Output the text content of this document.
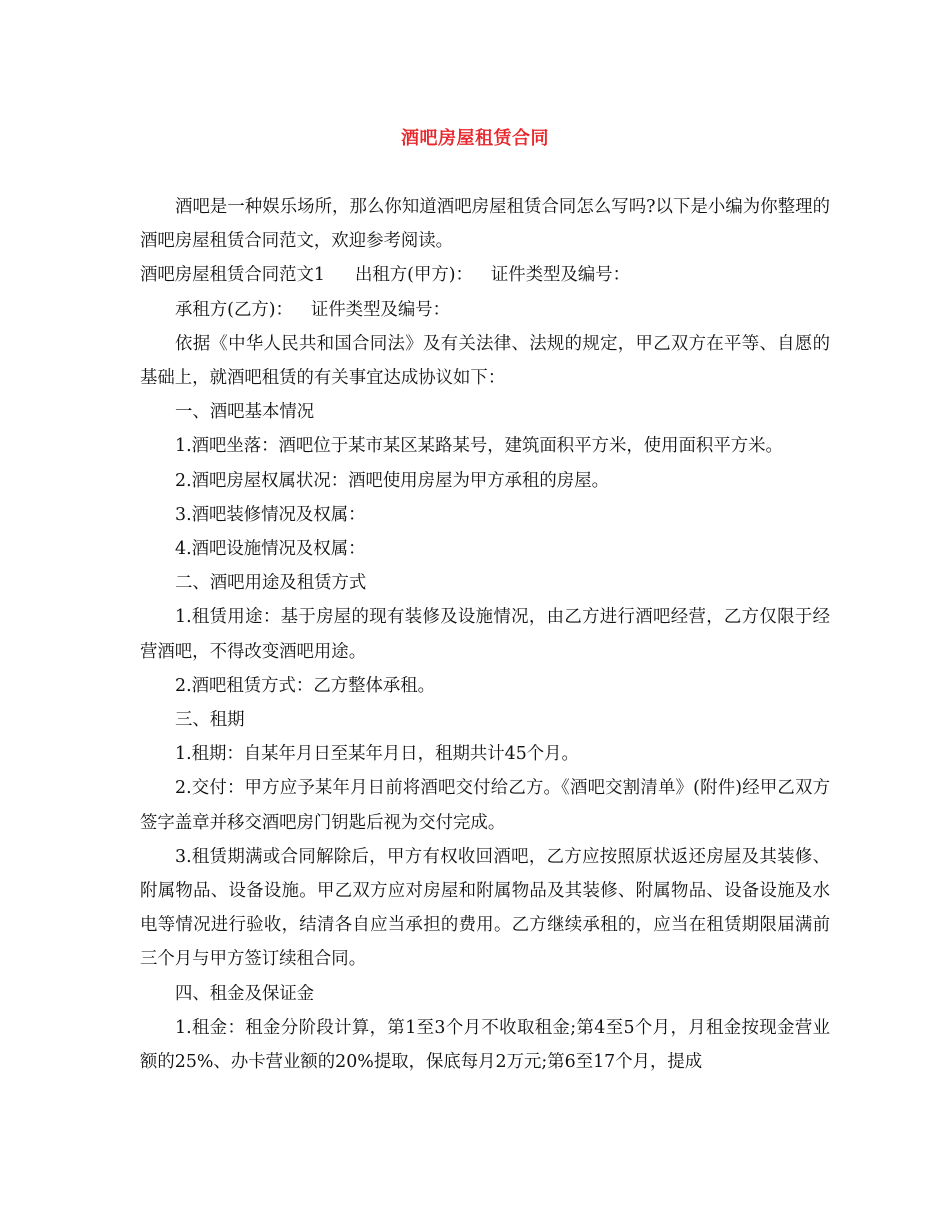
酒吧房屋租赁合同

酒吧是一种娱乐场所，那么你知道酒吧房屋租赁合同怎么写吗?以下是小编为你整理的酒吧房屋租赁合同范文，欢迎参考阅读。

酒吧房屋租赁合同范文1 出租方(甲方)： 证件类型及编号：

承租方(乙方)： 证件类型及编号：

依据《中华人民共和国合同法》及有关法律、法规的规定，甲乙双方在平等、自愿的基础上，就酒吧租赁的有关事宜达成协议如下：

一、酒吧基本情况

1.酒吧坐落：酒吧位于某市某区某路某号，建筑面积平方米，使用面积平方米。

2.酒吧房屋权属状况：酒吧使用房屋为甲方承租的房屋。

3.酒吧装修情况及权属：

4.酒吧设施情况及权属：

二、酒吧用途及租赁方式

1.租赁用途：基于房屋的现有装修及设施情况，由乙方进行酒吧经营，乙方仅限于经营酒吧，不得改变酒吧用途。

2.酒吧租赁方式：乙方整体承租。

三、租期

1.租期：自某年月日至某年月日，租期共计45个月。

2.交付：甲方应予某年月日前将酒吧交付给乙方。《酒吧交割清单》(附件)经甲乙双方签字盖章并移交酒吧房门钥匙后视为交付完成。

3.租赁期满或合同解除后，甲方有权收回酒吧，乙方应按照原状返还房屋及其装修、附属物品、设备设施。甲乙双方应对房屋和附属物品及其装修、附属物品、设备设施及水电等情况进行验收，结清各自应当承担的费用。乙方继续承租的，应当在租赁期限届满前三个月与甲方签订续租合同。

四、租金及保证金

1.租金：租金分阶段计算，第1至3个月不收取租金;第4至5个月，月租金按现金营业额的25%、办卡营业额的20%提取，保底每月2万元;第6至17个月，提成
